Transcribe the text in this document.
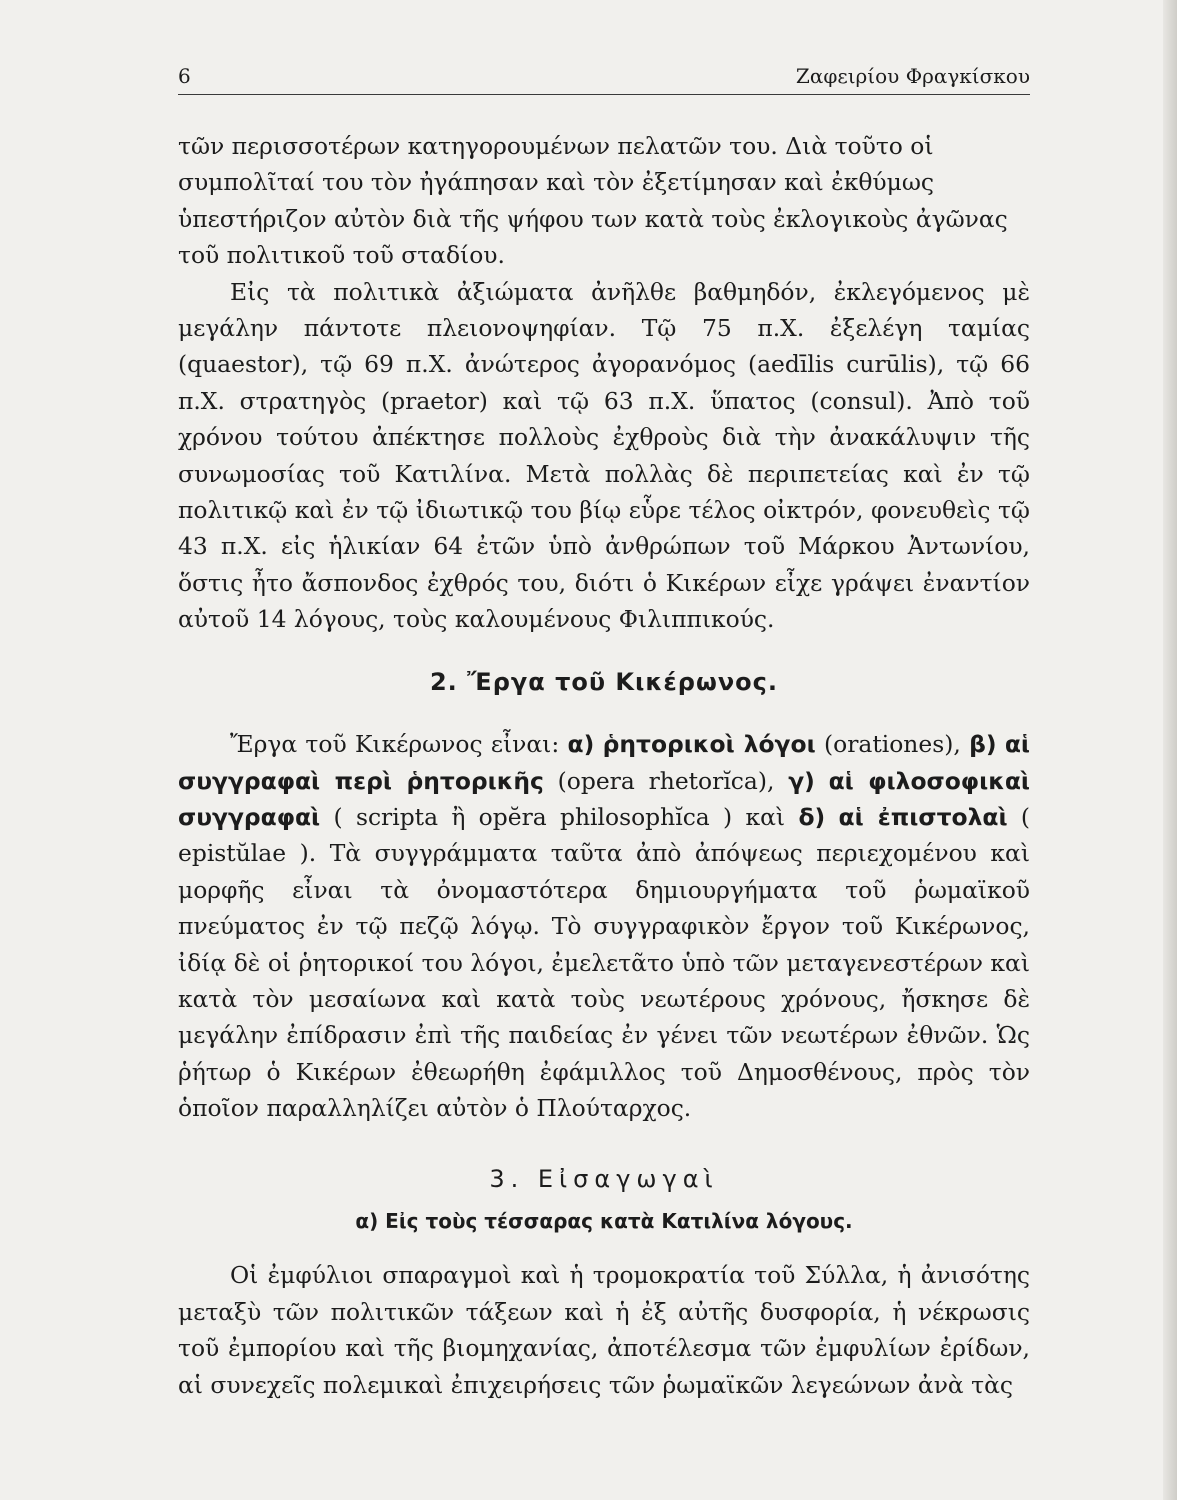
6	Ζαφειρίου Φραγκίσκου

τῶν περισσοτέρων κατηγορουμένων πελατῶν του. Διὰ τοῦτο οἱ συμπολῖταί του τὸν ἠγάπησαν καὶ τὸν ἐξετίμησαν καὶ ἐκθύμως ὑπεστήριζον αὐτὸν διὰ τῆς ψήφου των κατὰ τοὺς ἐκλογικοὺς ἀγῶνας τοῦ πολιτικοῦ τοῦ σταδίου.

Εἰς τὰ πολιτικὰ ἀξιώματα ἀνῆλθε βαθμηδόν, ἐκλεγόμενος μὲ μεγάλην πάντοτε πλειονοψηφίαν. Τῷ 75 π.Χ. ἐξελέγη ταμίας (quaestor), τῷ 69 π.Χ. ἀνώτερος ἀγορανόμος (aedīlis curūlis), τῷ 66 π.Χ. στρατηγὸς (praetor) καὶ τῷ 63 π.Χ. ὕπατος (consul). Ἀπὸ τοῦ χρόνου τούτου ἀπέκτησε πολλοὺς ἐχθροὺς διὰ τὴν ἀνακάλυψιν τῆς συνωμοσίας τοῦ Κατιλίνα. Μετὰ πολλὰς δὲ περιπετείας καὶ ἐν τῷ πολιτικῷ καὶ ἐν τῷ ἰδιωτικῷ του βίῳ εὗρε τέλος οἰκτρόν, φονευθεὶς τῷ 43 π.Χ. εἰς ἡλικίαν 64 ἐτῶν ὑπὸ ἀνθρώπων τοῦ Μάρκου Ἀντωνίου, ὅστις ἦτο ἄσπονδος ἐχθρός του, διότι ὁ Κικέρων εἶχε γράψει ἐναντίον αὐτοῦ 14 λόγους, τοὺς καλουμένους Φιλιππικούς.

2. Ἔργα τοῦ Κικέρωνος.

Ἔργα τοῦ Κικέρωνος εἶναι: α) ῥητορικοὶ λόγοι (orationes), β) αἱ συγγραφαὶ περὶ ῥητορικῆς (opera rhetorĭca), γ) αἱ φιλοσοφικαὶ συγγραφαὶ ( scripta ἢ opĕra philosophĭca ) καὶ δ) αἱ ἐπιστολαὶ ( epistŭlae ). Τὰ συγγράμματα ταῦτα ἀπὸ ἀπόψεως περιεχομένου καὶ μορφῆς εἶναι τὰ ὀνομαστότερα δημιουργήματα τοῦ ῥωμαϊκοῦ πνεύματος ἐν τῷ πεζῷ λόγῳ. Τὸ συγγραφικὸν ἔργον τοῦ Κικέρωνος, ἰδίᾳ δὲ οἱ ῥητορικοί του λόγοι, ἐμελετᾶτο ὑπὸ τῶν μεταγενεστέρων καὶ κατὰ τὸν μεσαίωνα καὶ κατὰ τοὺς νεωτέρους χρόνους, ἤσκησε δὲ μεγάλην ἐπίδρασιν ἐπὶ τῆς παιδείας ἐν γένει τῶν νεωτέρων ἐθνῶν. Ὡς ῥήτωρ ὁ Κικέρων ἐθεωρήθη ἐφάμιλλος τοῦ Δημοσθένους, πρὸς τὸν ὁποῖον παραλληλίζει αὐτὸν ὁ Πλούταρχος.

3. Εἰσαγωγαὶ
α) Εἰς τοὺς τέσσαρας κατὰ Κατιλίνα λόγους.

Οἱ ἐμφύλιοι σπαραγμοὶ καὶ ἡ τρομοκρατία τοῦ Σύλλα, ἡ ἀνισότης μεταξὺ τῶν πολιτικῶν τάξεων καὶ ἡ ἐξ αὐτῆς δυσφορία, ἡ νέκρωσις τοῦ ἐμπορίου καὶ τῆς βιομηχανίας, ἀποτέλεσμα τῶν ἐμφυλίων ἐρίδων, αἱ συνεχεῖς πολεμικαὶ ἐπιχειρήσεις τῶν ῥωμαϊκῶν λεγεώνων ἀνὰ τὰς
